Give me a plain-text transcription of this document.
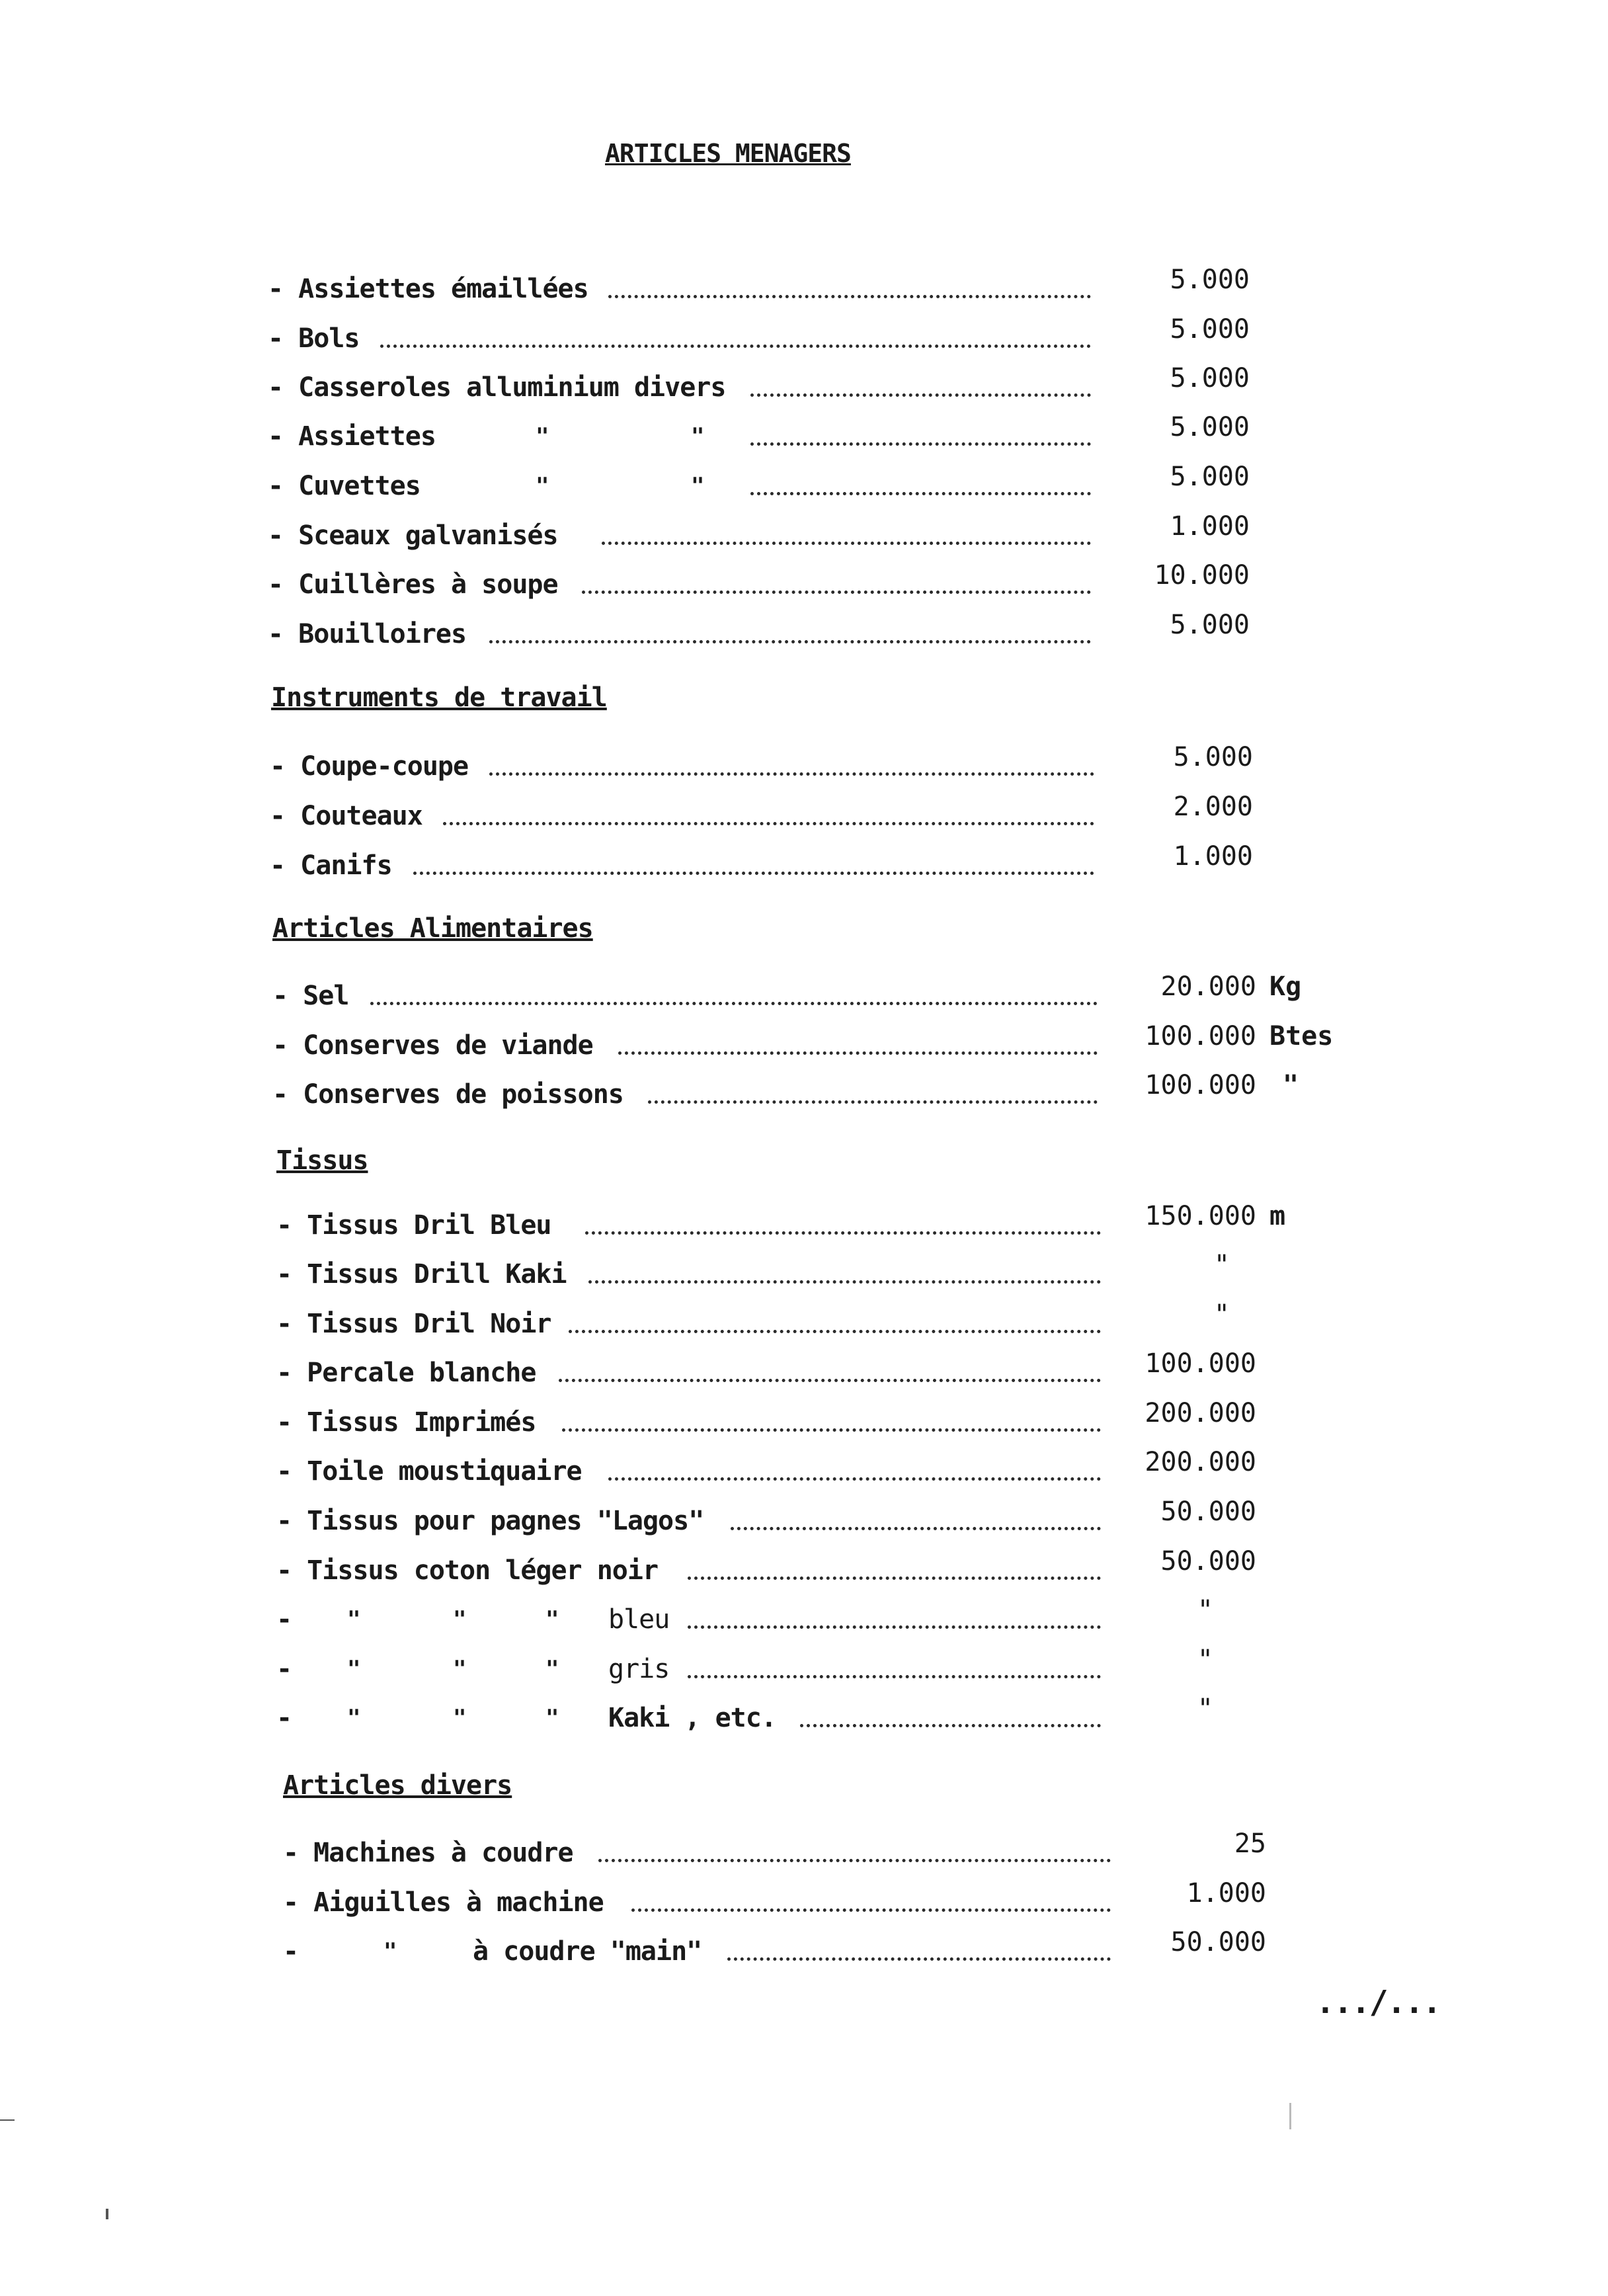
ARTICLES MENAGERS
- Assiettes émaillées	5.000
- Bols	5.000
- Casseroles alluminium divers	5.000
- Assiettes	"	"	5.000
- Cuvettes	"	"	5.000
- Sceaux galvanisés	1.000
- Cuillères à soupe	10.000
- Bouilloires	5.000
Instruments de travail
- Coupe-coupe	5.000
- Couteaux	2.000
- Canifs	1.000
Articles Alimentaires
- Sel	20.000 Kg
- Conserves de viande	100.000 Btes
- Conserves de poissons	100.000 "
Tissus
- Tissus Dril Bleu	150.000 m
- Tissus Drill Kaki	"
- Tissus Dril Noir	"
- Percale blanche	100.000
- Tissus Imprimés	200.000
- Toile moustiquaire	200.000
- Tissus pour pagnes "Lagos"	50.000
- Tissus coton léger noir	50.000
- "	"	" bleu	"
- "	"	" gris	"
- "	"	" Kaki , etc.	"
Articles divers
- Machines à coudre	25
- Aiguilles à machine	1.000
-	"	à coudre "main"	50.000
.../...
